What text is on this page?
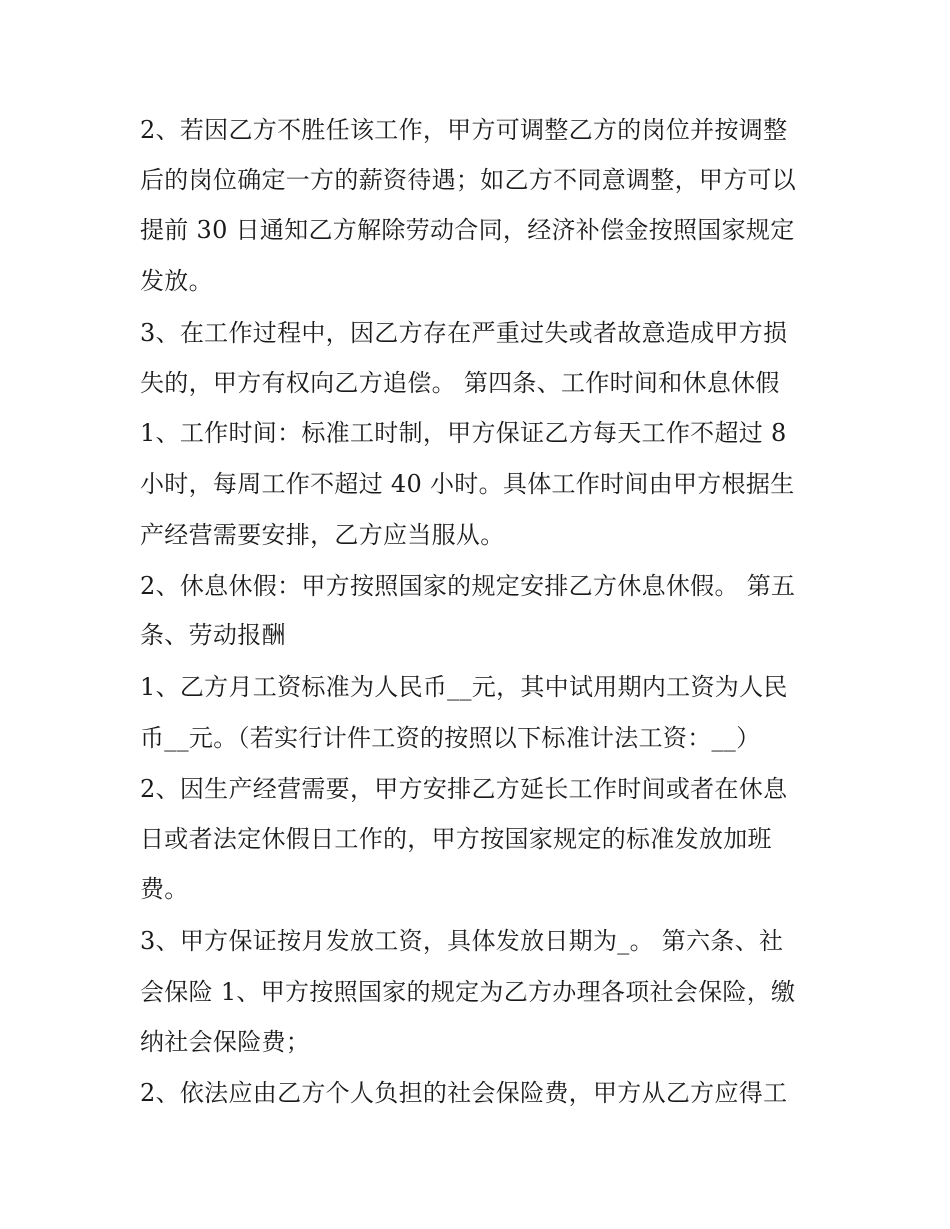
2、若因乙方不胜任该工作，甲方可调整乙方的岗位并按调整
后的岗位确定一方的薪资待遇；如乙方不同意调整，甲方可以
提前 30 日通知乙方解除劳动合同，经济补偿金按照国家规定
发放。
3、在工作过程中，因乙方存在严重过失或者故意造成甲方损
失的，甲方有权向乙方追偿。 第四条、工作时间和休息休假
1、工作时间：标准工时制，甲方保证乙方每天工作不超过 8
小时，每周工作不超过 40 小时。具体工作时间由甲方根据生
产经营需要安排，乙方应当服从。
2、休息休假：甲方按照国家的规定安排乙方休息休假。 第五
条、劳动报酬
1、乙方月工资标准为人民币__元，其中试用期内工资为人民
币__元。（若实行计件工资的按照以下标准计法工资：__）
2、因生产经营需要，甲方安排乙方延长工作时间或者在休息
日或者法定休假日工作的，甲方按国家规定的标准发放加班
费。
3、甲方保证按月发放工资，具体发放日期为_。 第六条、社
会保险 1、甲方按照国家的规定为乙方办理各项社会保险，缴
纳社会保险费；
2、依法应由乙方个人负担的社会保险费，甲方从乙方应得工
